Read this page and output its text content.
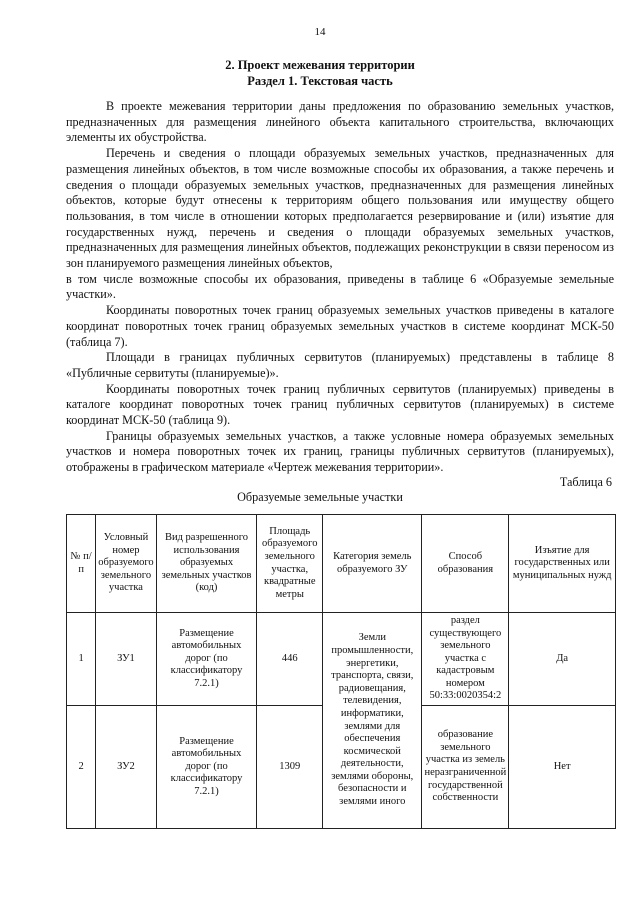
14
2. Проект межевания территории
Раздел 1. Текстовая часть

В проекте межевания территории даны предложения по образованию земельных участков, предназначенных для размещения линейного объекта капитального строительства, включающих элементы их обустройства.

Перечень и сведения о площади образуемых земельных участков, предназначенных для размещения линейных объектов, в том числе возможные способы их образования, а также перечень и сведения о площади образуемых земельных участков, предназначенных для размещения линейных объектов, которые будут отнесены к территориям общего пользования или имуществу общего пользования, в том числе в отношении которых предполагается резервирование и (или) изъятие для государственных нужд, перечень и сведения о площади образуемых земельных участков, предназначенных для размещения линейных объектов, подлежащих реконструкции в связи переносом из зон планируемого размещения линейных объектов,

в том числе возможные способы их образования, приведены в таблице 6 «Образуемые земельные участки».

Координаты поворотных точек границ образуемых земельных участков приведены в каталоге координат поворотных точек границ образуемых земельных участков в системе координат МСК-50 (таблица 7).

Площади в границах публичных сервитутов (планируемых) представлены в таблице 8 «Публичные сервитуты (планируемые)».

Координаты поворотных точек границ публичных сервитутов (планируемых) приведены в каталоге координат поворотных точек границ публичных сервитутов (планируемых) в системе координат МСК-50 (таблица 9).

Границы образуемых земельных участков, а также условные номера образуемых земельных участков и номера поворотных точек их границ, границы публичных сервитутов (планируемых), отображены в графическом материале «Чертеж межевания территории».

Таблица 6
Образуемые земельные участки
№ п/п	Условный номер образуемого земельного участка	Вид разрешенного использования образуемых земельных участков (код)	Площадь образуемого земельного участка, квадратные метры	Категория земель образуемого ЗУ	Способ образования	Изъятие для государственных или муниципальных нужд
1	ЗУ1	Размещение автомобильных дорог (по классификатору 7.2.1)	446	Земли промышленности, энергетики, транспорта, связи, радиовещания, телевидения, информатики, землями для обеспечения космической деятельности, землями обороны, безопасности и землями иного	раздел существующего земельного участка с кадастровым номером 50:33:0020354:2	Да
2	ЗУ2	Размещение автомобильных дорог (по классификатору 7.2.1)	1309		образование земельного участка из земель неразграниченной государственной собственности	Нет
